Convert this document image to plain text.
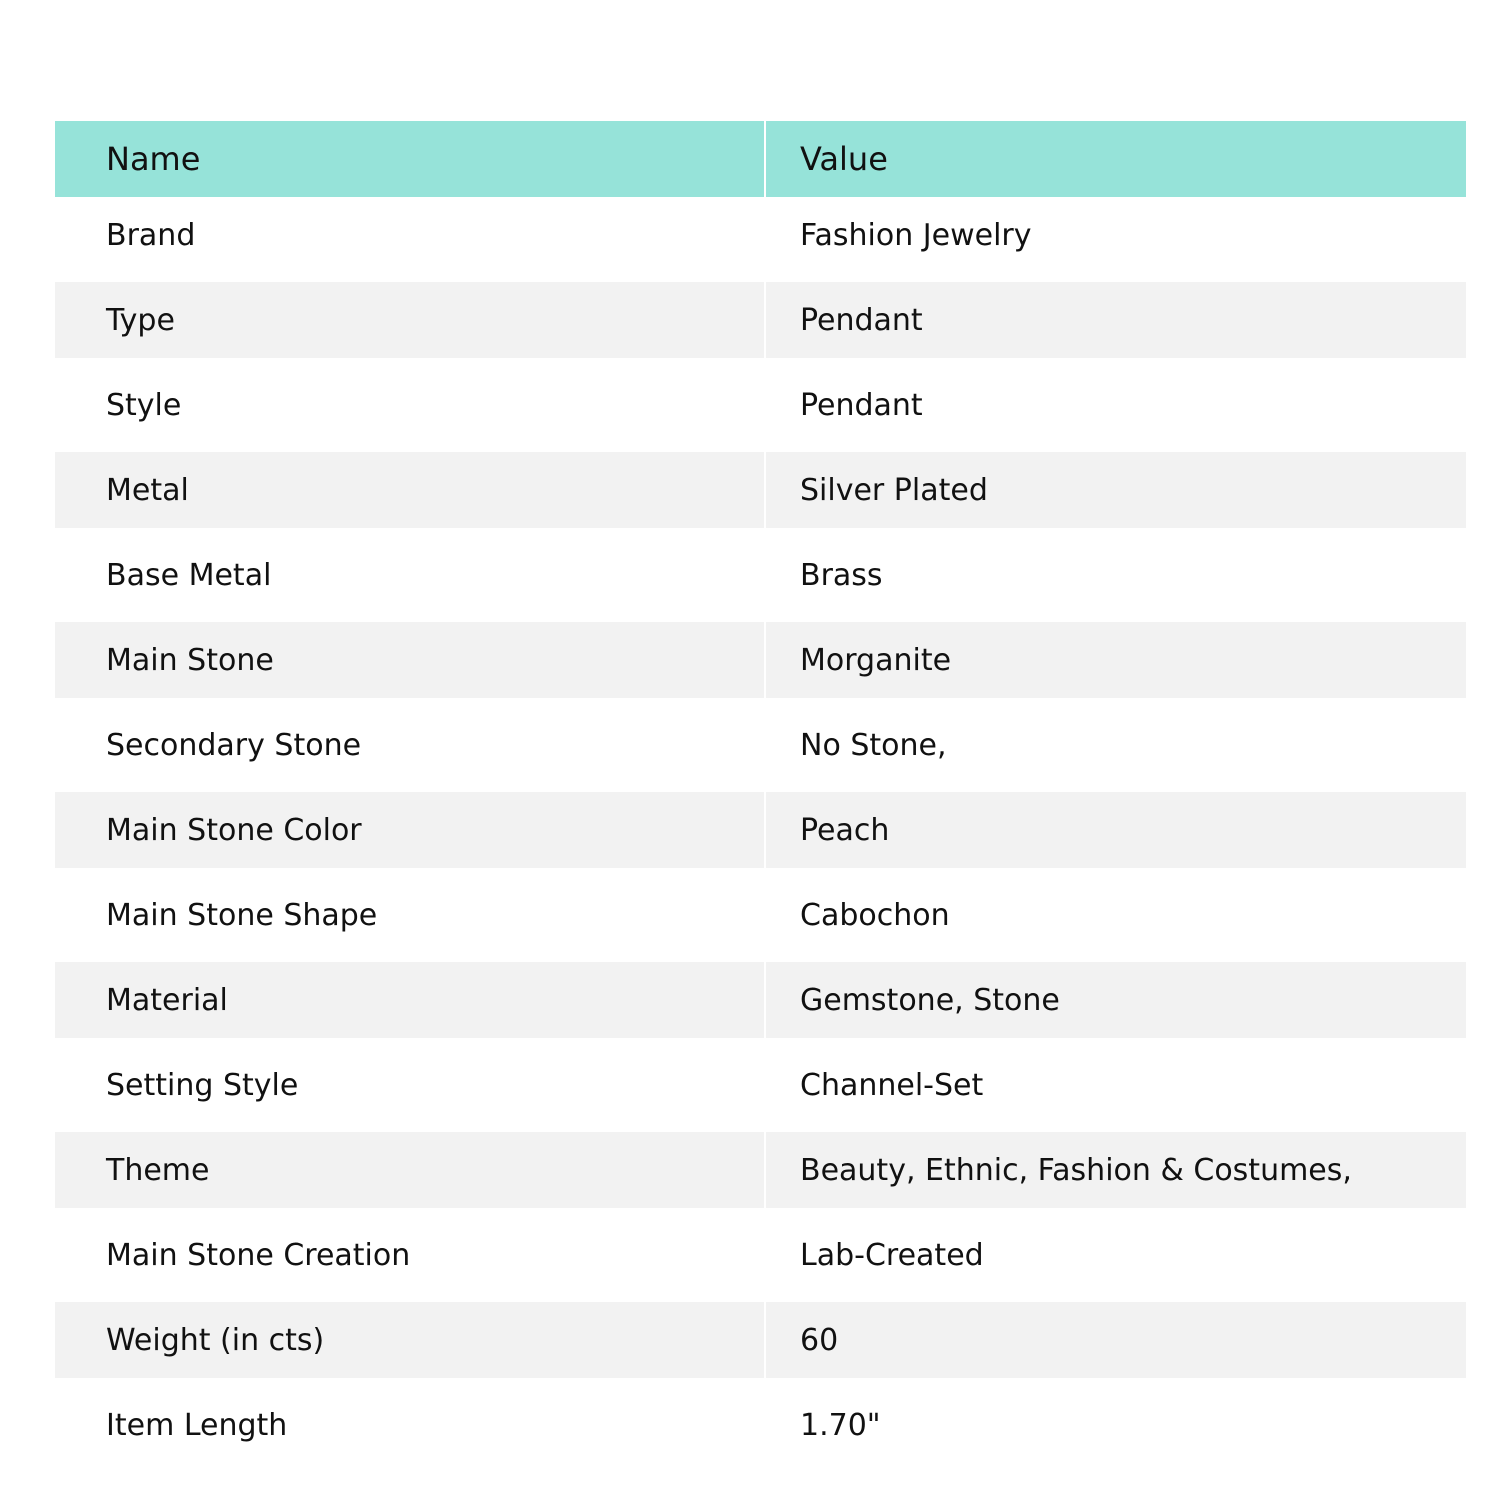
Name	Value
Brand	Fashion Jewelry
Type	Pendant
Style	Pendant
Metal	Silver Plated
Base Metal	Brass
Main Stone	Morganite
Secondary Stone	No Stone,
Main Stone Color	Peach
Main Stone Shape	Cabochon
Material	Gemstone, Stone
Setting Style	Channel-Set
Theme	Beauty, Ethnic, Fashion & Costumes,
Main Stone Creation	Lab-Created
Weight (in cts)	60
Item Length	1.70"
